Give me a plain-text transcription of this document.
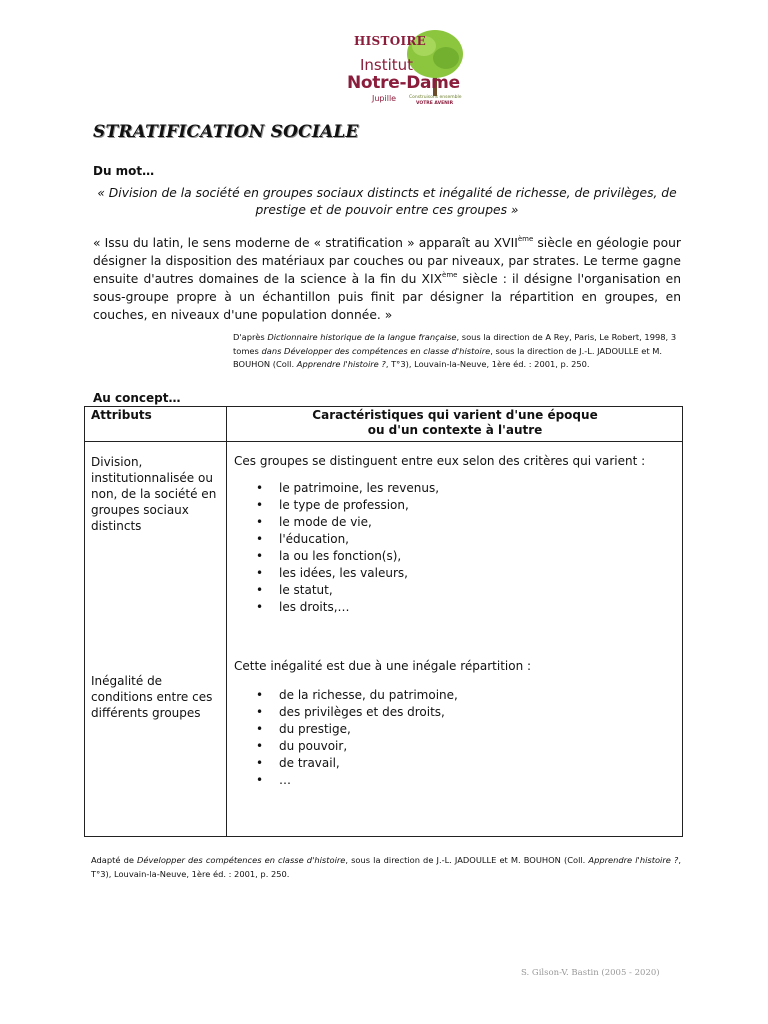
HISTOIRE
Institut
Notre-Dame
Jupille	Construisons ensemble
VOTRE AVENIR
STRATIFICATION SOCIALE
Du mot…
« Division de la société en groupes sociaux distincts et inégalité de richesse, de privilèges, de prestige et de pouvoir entre ces groupes »
« Issu du latin, le sens moderne de « stratification » apparaît au XVIIème siècle en géologie pour désigner la disposition des matériaux par couches ou par niveaux, par strates. Le terme gagne ensuite d'autres domaines de la science à la fin du XIXème siècle : il désigne l'organisation en sous-groupe propre à un échantillon puis finit par désigner la répartition en groupes, en couches, en niveaux d'une population donnée. »
D'après Dictionnaire historique de la langue française, sous la direction de A Rey, Paris, Le Robert, 1998, 3 tomes dans Développer des compétences en classe d'histoire, sous la direction de J.-L. JADOULLE et M. BOUHON (Coll. Apprendre l'histoire ?, T°3), Louvain-la-Neuve, 1ère éd. : 2001, p. 250.
Au concept…
Attributs	Caractéristiques qui varient d'une époque
ou d'un contexte à l'autre
Division, institutionnalisée ou non, de la société en groupes sociaux distincts
Ces groupes se distinguent entre eux selon des critères qui varient :
• le patrimoine, les revenus,
• le type de profession,
• le mode de vie,
• l'éducation,
• la ou les fonction(s),
• les idées, les valeurs,
• le statut,
• les droits,…
Inégalité de conditions entre ces différents groupes
Cette inégalité est due à une inégale répartition :
• de la richesse, du patrimoine,
• des privilèges et des droits,
• du prestige,
• du pouvoir,
• de travail,
• …
Adapté de Développer des compétences en classe d'histoire, sous la direction de J.-L. JADOULLE et M. BOUHON (Coll. Apprendre l'histoire ?, T°3), Louvain-la-Neuve, 1ère éd. : 2001, p. 250.
S. Gilson-V. Bastin (2005 - 2020)
